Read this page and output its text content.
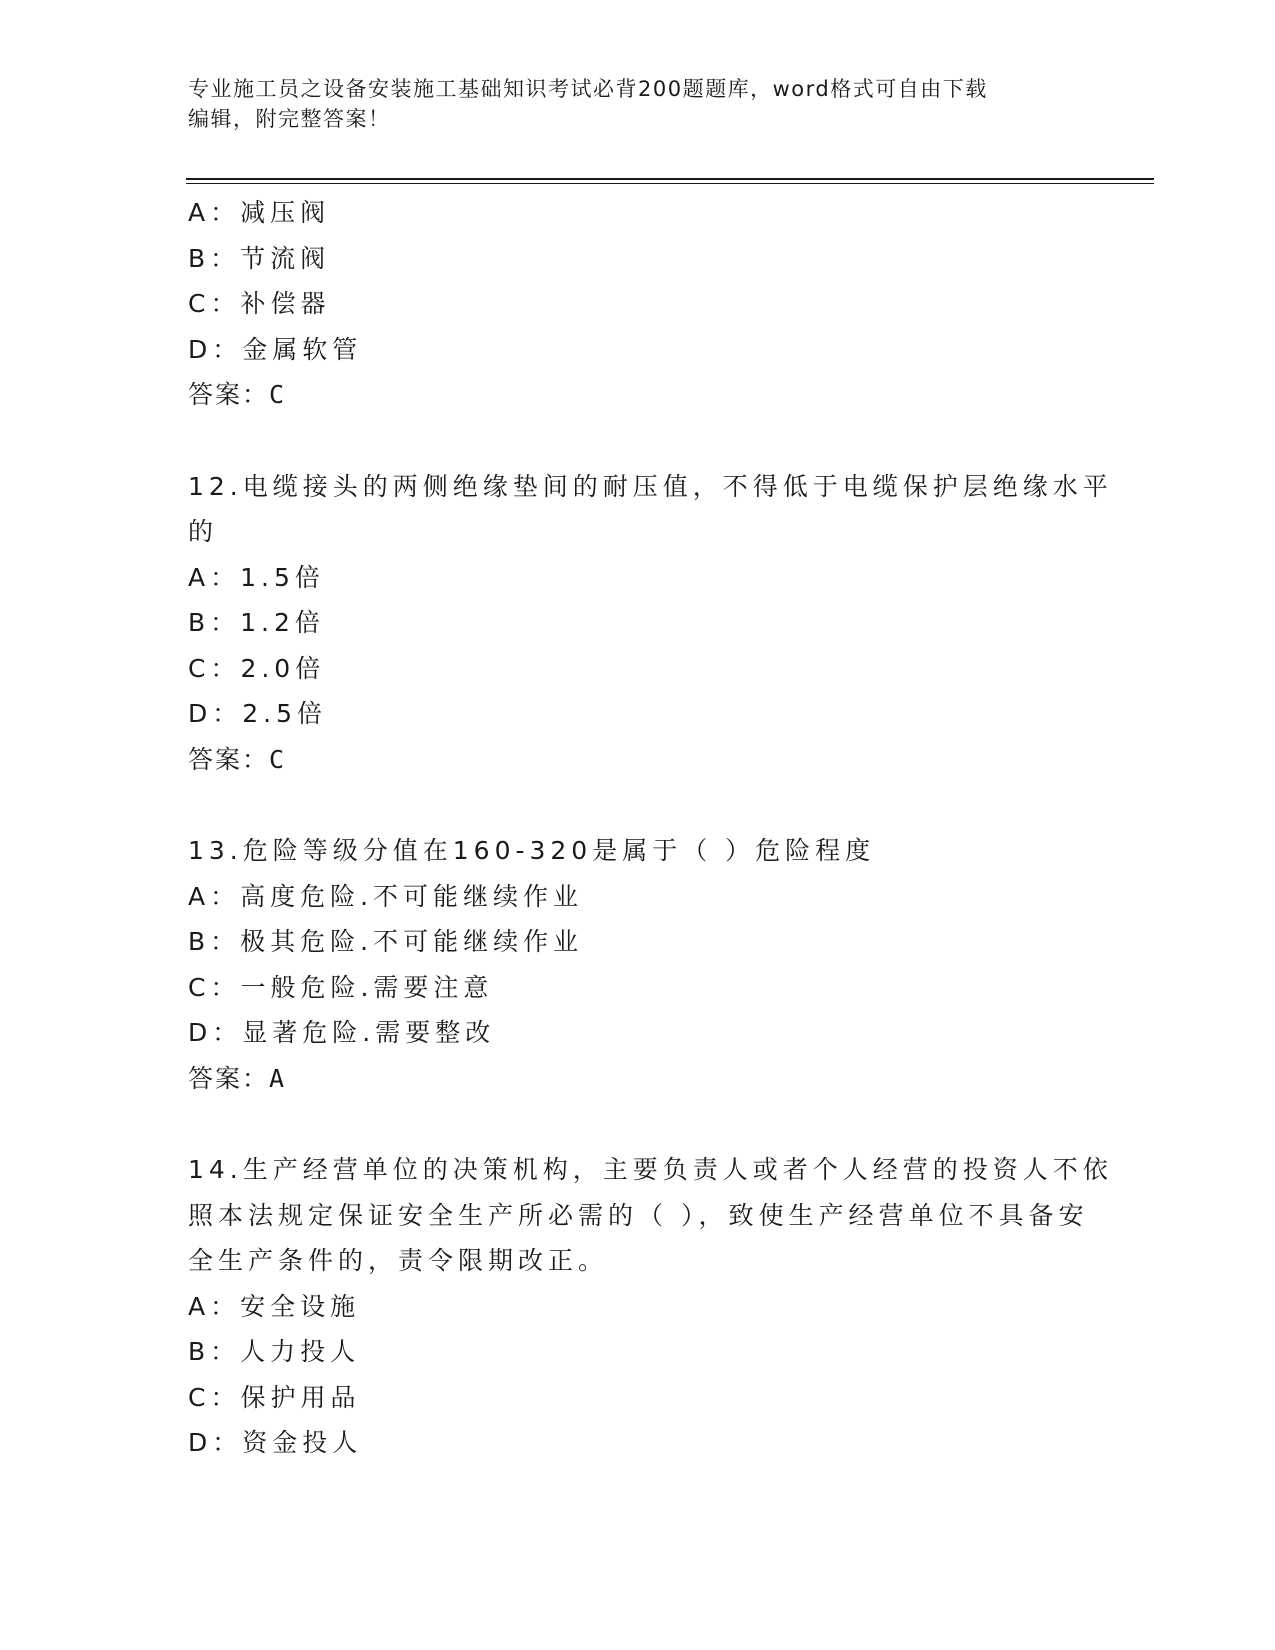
专业施工员之设备安装施工基础知识考试必背200题题库，word格式可自由下载
编辑，附完整答案！
A：减压阀
B：节流阀
C：补偿器
D：金属软管
答案：C
12.电缆接头的两侧绝缘垫间的耐压值，不得低于电缆保护层绝缘水平
的
A：1.5倍
B：1.2倍
C：2.0倍
D：2.5倍
答案：C
13.危险等级分值在160-320是属于（ ）危险程度
A：高度危险.不可能继续作业
B：极其危险.不可能继续作业
C：一般危险.需要注意
D：显著危险.需要整改
答案：A
14.生产经营单位的决策机构，主要负责人或者个人经营的投资人不依
照本法规定保证安全生产所必需的（ ），致使生产经营单位不具备安
全生产条件的，责令限期改正。
A：安全设施
B：人力投人
C：保护用品
D：资金投人
